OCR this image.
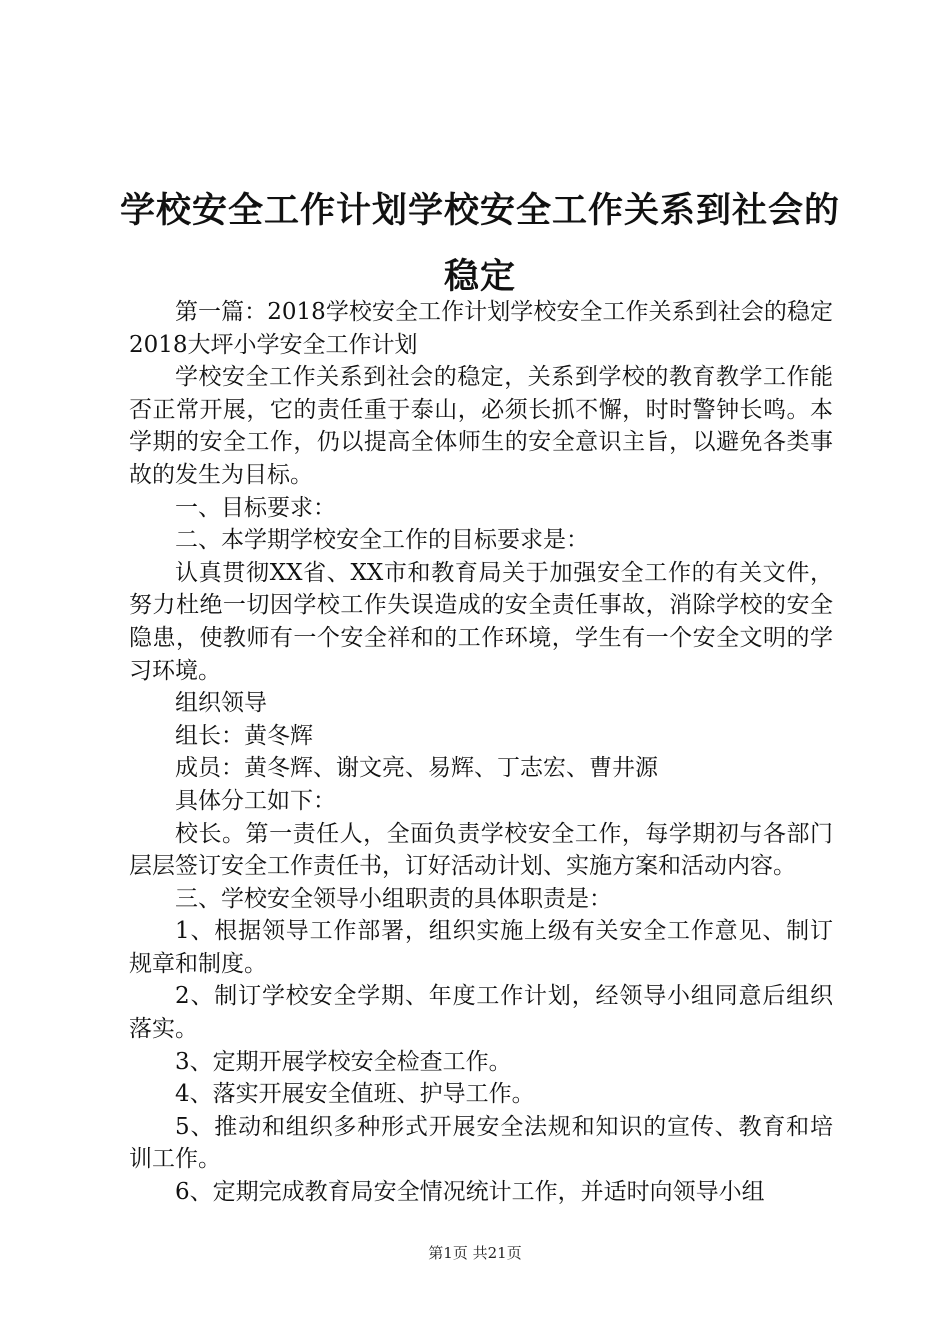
学校安全工作计划学校安全工作关系到社会的稳定

第一篇：2018学校安全工作计划学校安全工作关系到社会的稳定2018大坪小学安全工作计划

学校安全工作关系到社会的稳定，关系到学校的教育教学工作能否正常开展，它的责任重于泰山，必须长抓不懈，时时警钟长鸣。本学期的安全工作，仍以提高全体师生的安全意识主旨，以避免各类事故的发生为目标。

一、目标要求：

二、本学期学校安全工作的目标要求是：

认真贯彻XX省、XX市和教育局关于加强安全工作的有关文件，努力杜绝一切因学校工作失误造成的安全责任事故，消除学校的安全隐患，使教师有一个安全祥和的工作环境，学生有一个安全文明的学习环境。

组织领导

组长：黄冬辉

成员：黄冬辉、谢文亮、易辉、丁志宏、曹井源

具体分工如下：

校长。第一责任人，全面负责学校安全工作，每学期初与各部门层层签订安全工作责任书，订好活动计划、实施方案和活动内容。

三、学校安全领导小组职责的具体职责是：

1、根据领导工作部署，组织实施上级有关安全工作意见、制订规章和制度。

2、制订学校安全学期、年度工作计划，经领导小组同意后组织落实。

3、定期开展学校安全检查工作。

4、落实开展安全值班、护导工作。

5、推动和组织多种形式开展安全法规和知识的宣传、教育和培训工作。

6、定期完成教育局安全情况统计工作，并适时向领导小组

第1页 共21页
